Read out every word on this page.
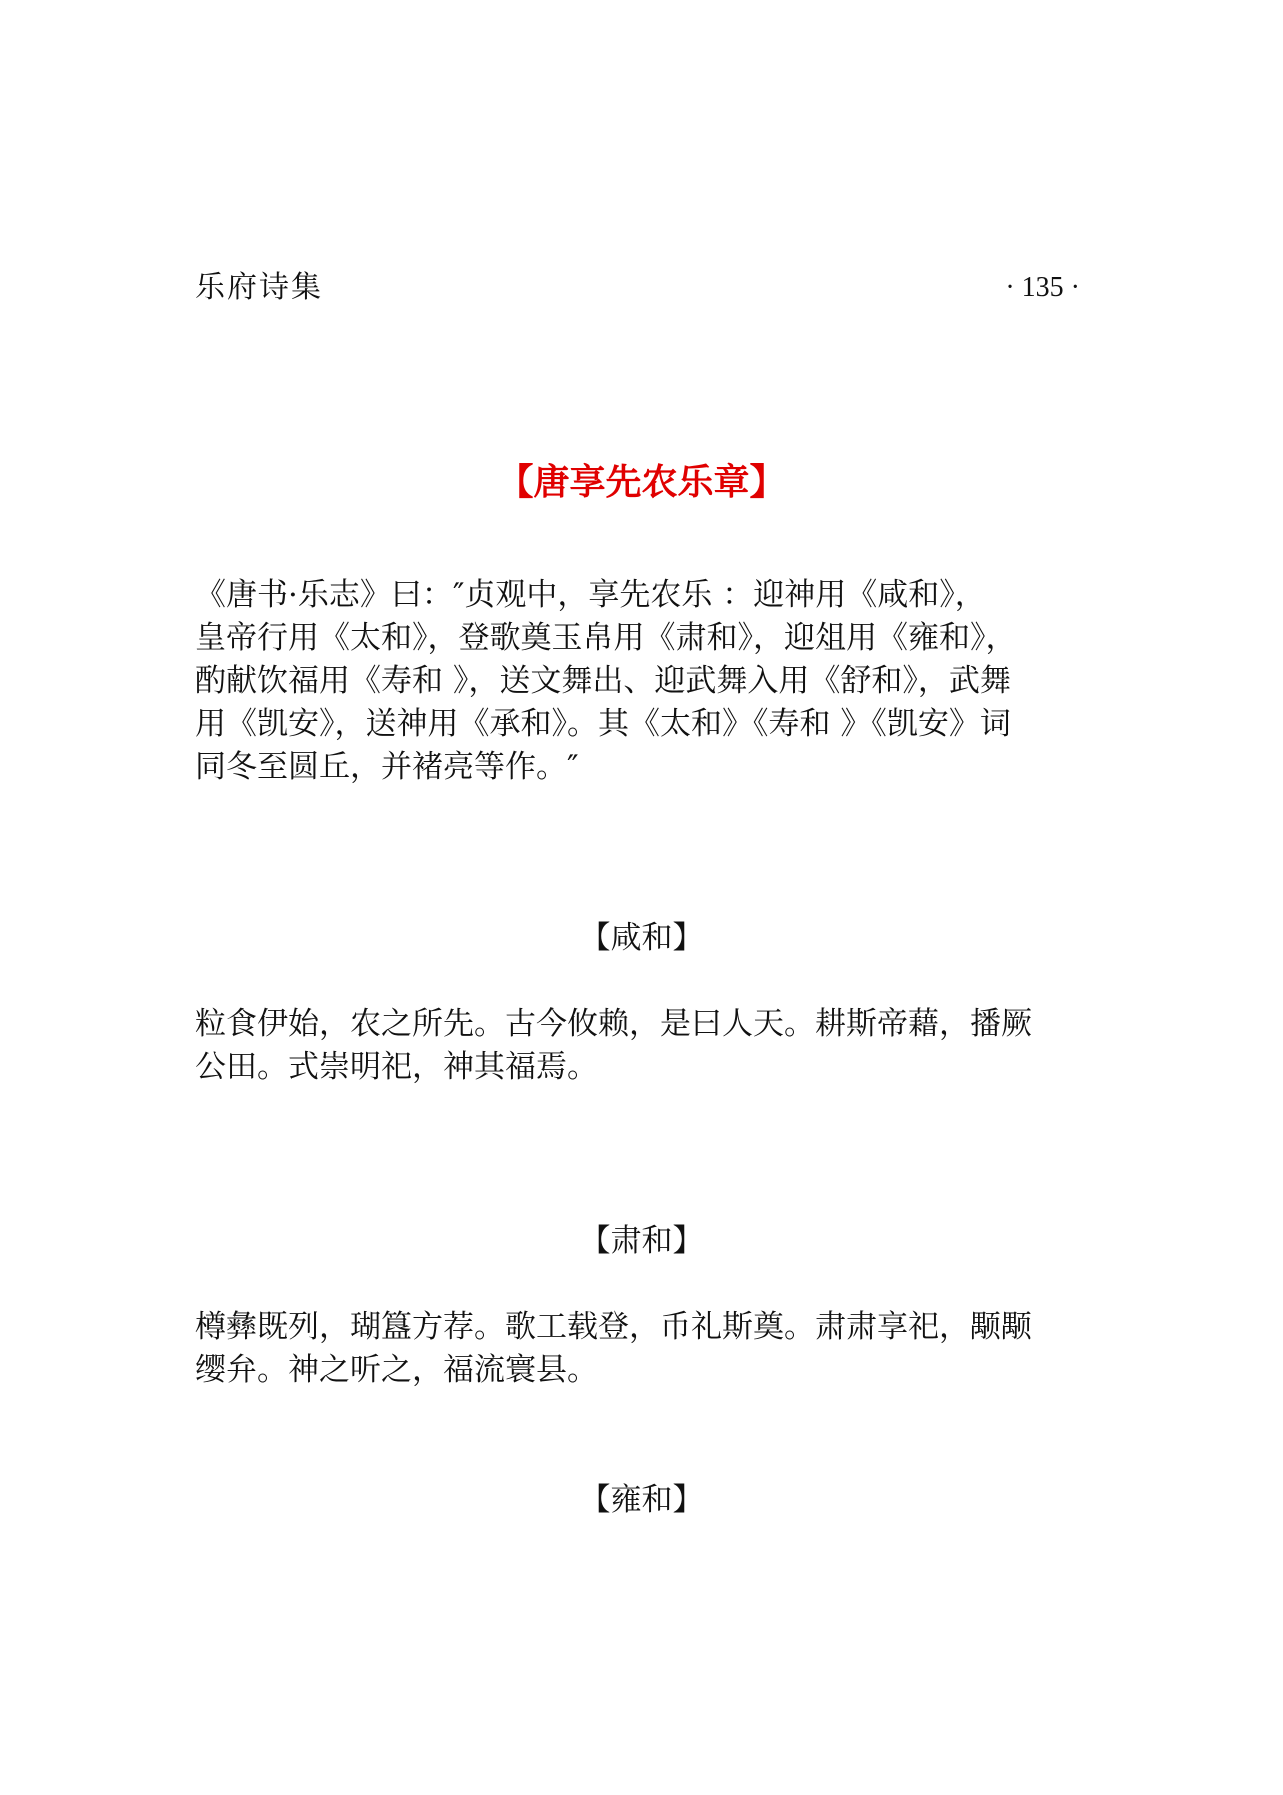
乐府诗集	· 135 ·
【唐享先农乐章】
《唐书·乐志》曰：″贞观中，享先农乐 ：迎神用《咸和》，
皇帝行用《太和》，登歌奠玉帛用《肃和》，迎俎用《雍和》，
酌献饮福用《寿和 》，送文舞出、迎武舞入用《舒和》，武舞
用《凯安》，送神用《承和》。其《太和》《寿和 》《凯安》词
同冬至圆丘，并褚亮等作。″
【咸和】
粒食伊始，农之所先。古今攸赖，是曰人天。耕斯帝藉，播厥
公田。式崇明祀，神其福焉。
【肃和】
樽彝既列，瑚簋方荐。歌工载登，币礼斯奠。肃肃享祀，颙颙
缨弁。神之听之，福流寰县。
【雍和】
